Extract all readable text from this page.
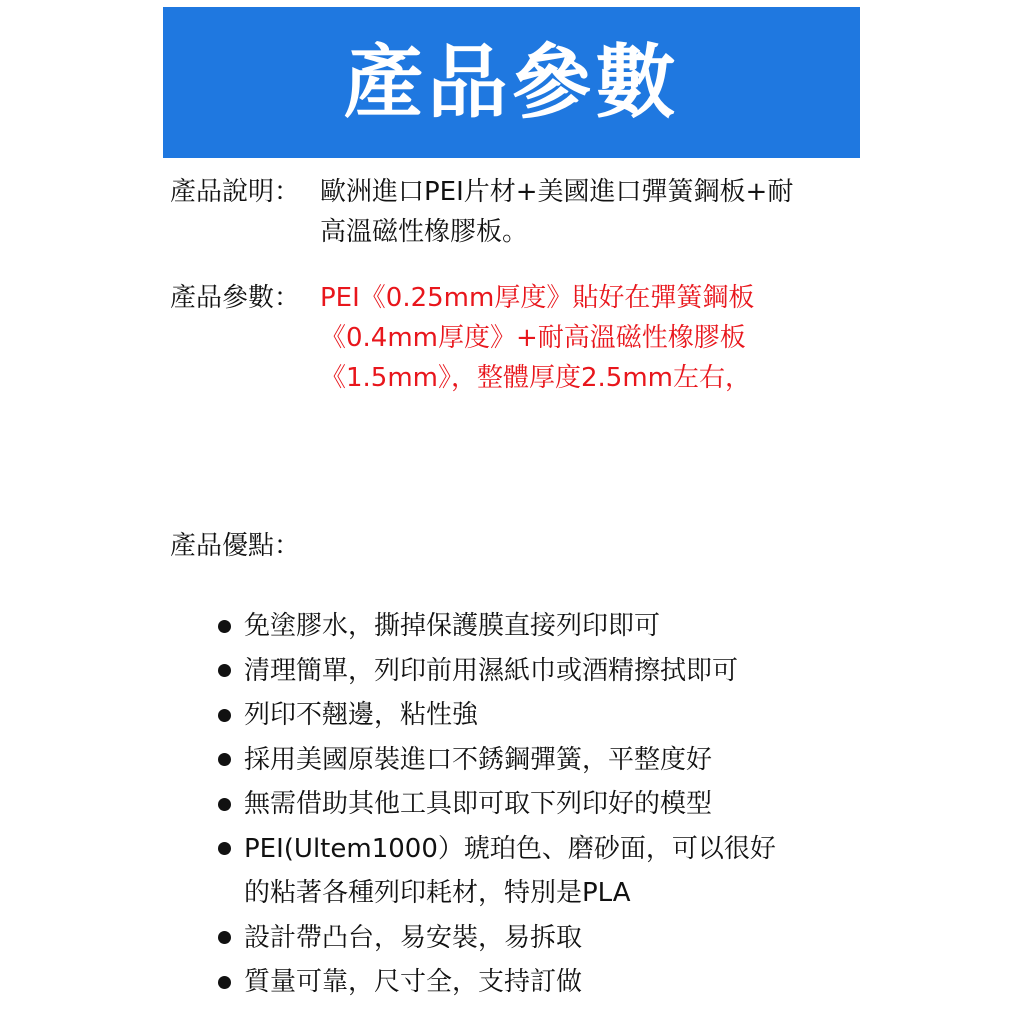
產品參數
產品說明： 歐洲進口PEI片材+美國進口彈簧鋼板+耐
高溫磁性橡膠板。
產品參數： PEI《0.25mm厚度》貼好在彈簧鋼板
《0.4mm厚度》+耐高溫磁性橡膠板
《1.5mm》，整體厚度2.5mm左右，
產品優點：
免塗膠水，撕掉保護膜直接列印即可
清理簡單，列印前用濕紙巾或酒精擦拭即可
列印不翹邊，粘性強
採用美國原裝進口不銹鋼彈簧，平整度好
無需借助其他工具即可取下列印好的模型
PEI(Ultem1000）琥珀色、磨砂面，可以很好
的粘著各種列印耗材，特別是PLA
設計帶凸台，易安裝，易拆取
質量可靠，尺寸全，支持訂做
